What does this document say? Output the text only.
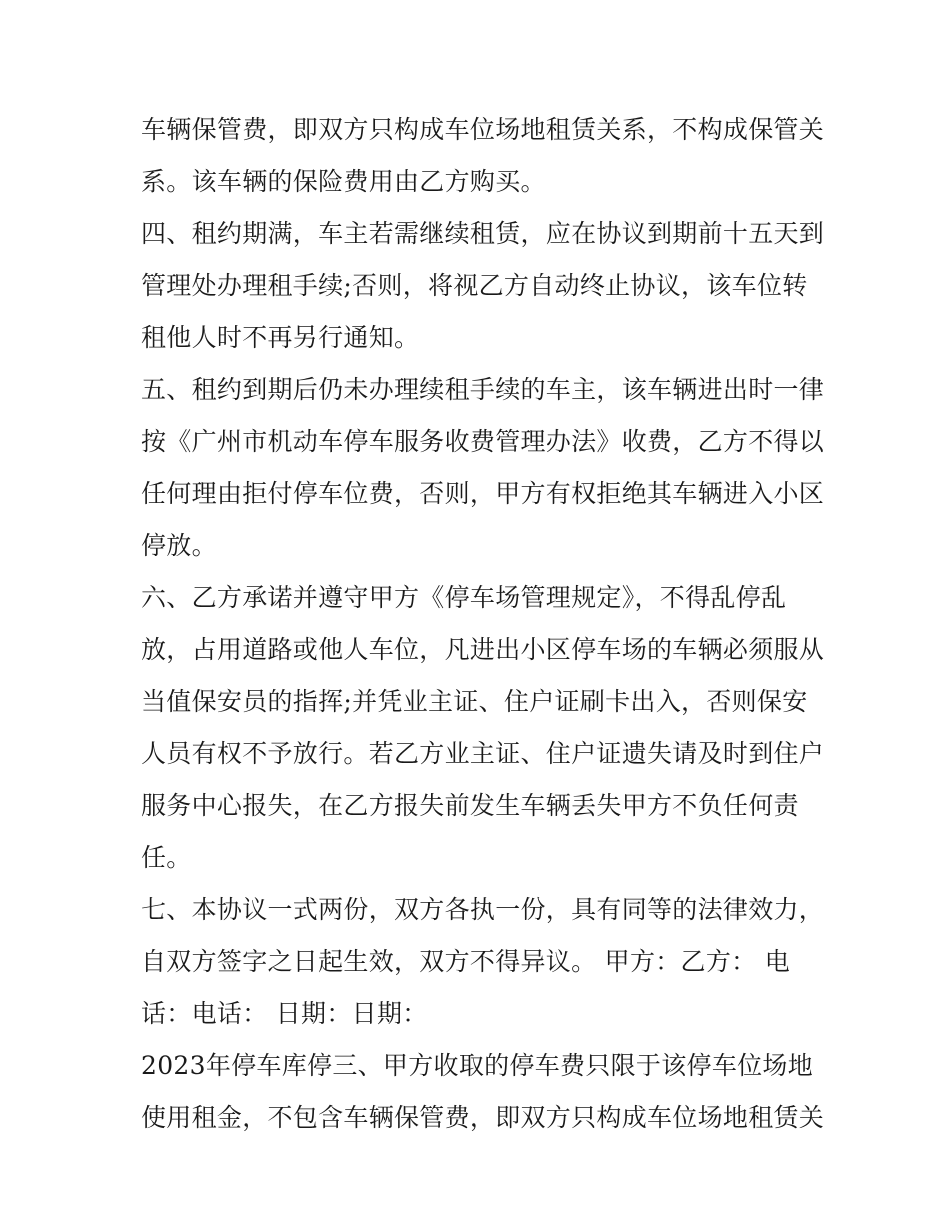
车辆保管费，即双方只构成车位场地租赁关系，不构成保管关
系。该车辆的保险费用由乙方购买。
四、租约期满，车主若需继续租赁，应在协议到期前十五天到
管理处办理租手续;否则，将视乙方自动终止协议，该车位转
租他人时不再另行通知。
五、租约到期后仍未办理续租手续的车主，该车辆进出时一律
按《广州市机动车停车服务收费管理办法》收费，乙方不得以
任何理由拒付停车位费，否则，甲方有权拒绝其车辆进入小区
停放。
六、乙方承诺并遵守甲方《停车场管理规定》，不得乱停乱
放，占用道路或他人车位，凡进出小区停车场的车辆必须服从
当值保安员的指挥;并凭业主证、住户证刷卡出入，否则保安
人员有权不予放行。若乙方业主证、住户证遗失请及时到住户
服务中心报失，在乙方报失前发生车辆丢失甲方不负任何责
任。
七、本协议一式两份，双方各执一份，具有同等的法律效力，
自双方签字之日起生效，双方不得异议。 甲方：乙方： 电
话：电话： 日期：日期：
2023年停车库停三、甲方收取的停车费只限于该停车位场地
使用租金，不包含车辆保管费，即双方只构成车位场地租赁关
